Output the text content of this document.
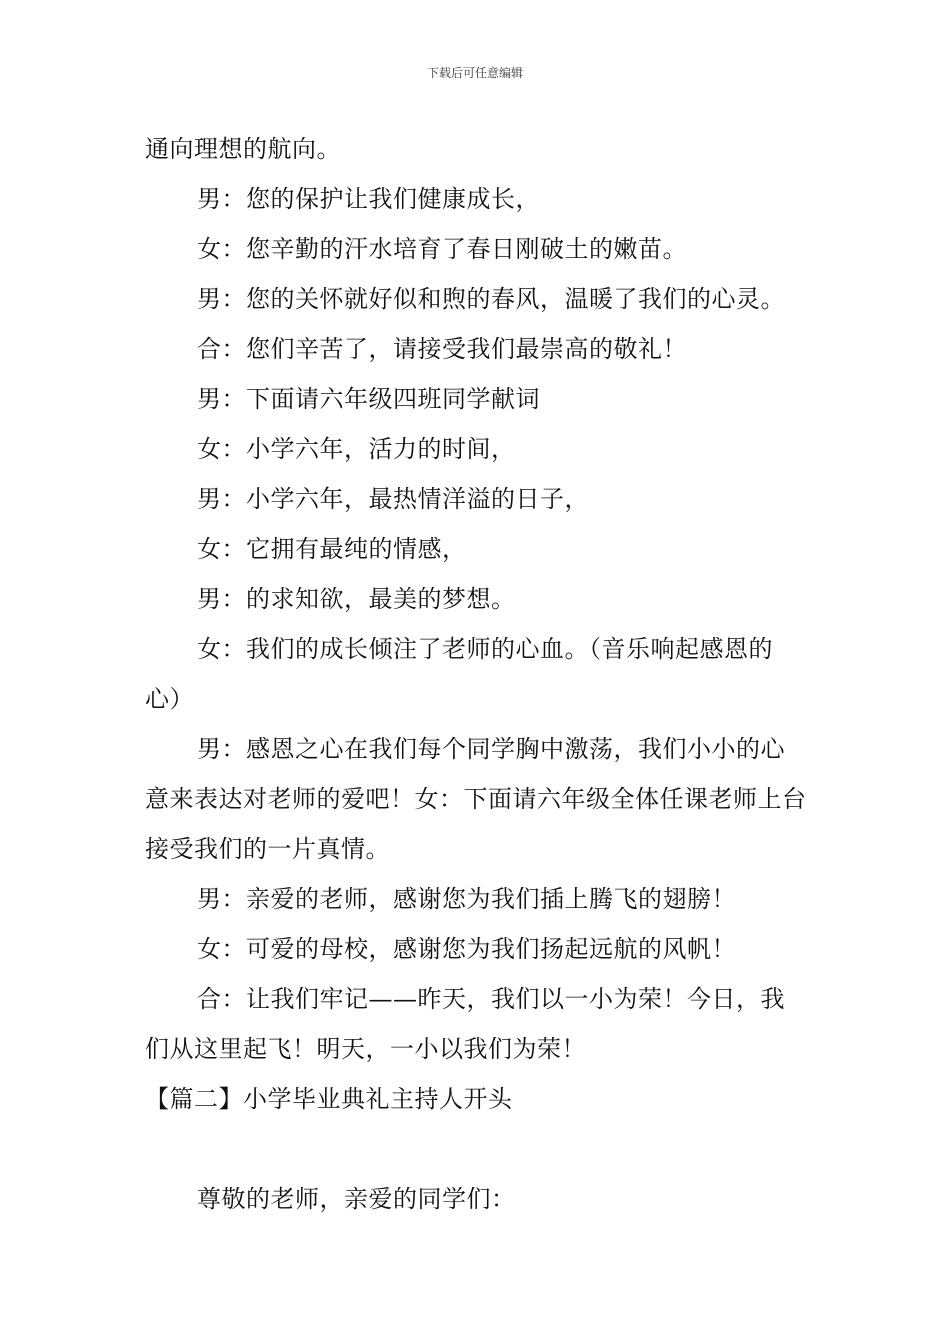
下载后可任意编辑

通向理想的航向。

男：您的保护让我们健康成长，

女：您辛勤的汗水培育了春日刚破土的嫩苗。

男：您的关怀就好似和煦的春风，温暖了我们的心灵。

合：您们辛苦了，请接受我们最崇高的敬礼！

男：下面请六年级四班同学献词

女：小学六年，活力的时间，

男：小学六年，最热情洋溢的日子，

女：它拥有最纯的情感，

男：的求知欲，最美的梦想。

女：我们的成长倾注了老师的心血。（音乐响起感恩的心）

男：感恩之心在我们每个同学胸中激荡，我们小小的心意来表达对老师的爱吧！女：下面请六年级全体任课老师上台接受我们的一片真情。

男：亲爱的老师，感谢您为我们插上腾飞的翅膀！

女：可爱的母校，感谢您为我们扬起远航的风帆！

合：让我们牢记——昨天，我们以一小为荣！今日，我们从这里起飞！明天，一小以我们为荣！

【篇二】小学毕业典礼主持人开头

尊敬的老师，亲爱的同学们：
